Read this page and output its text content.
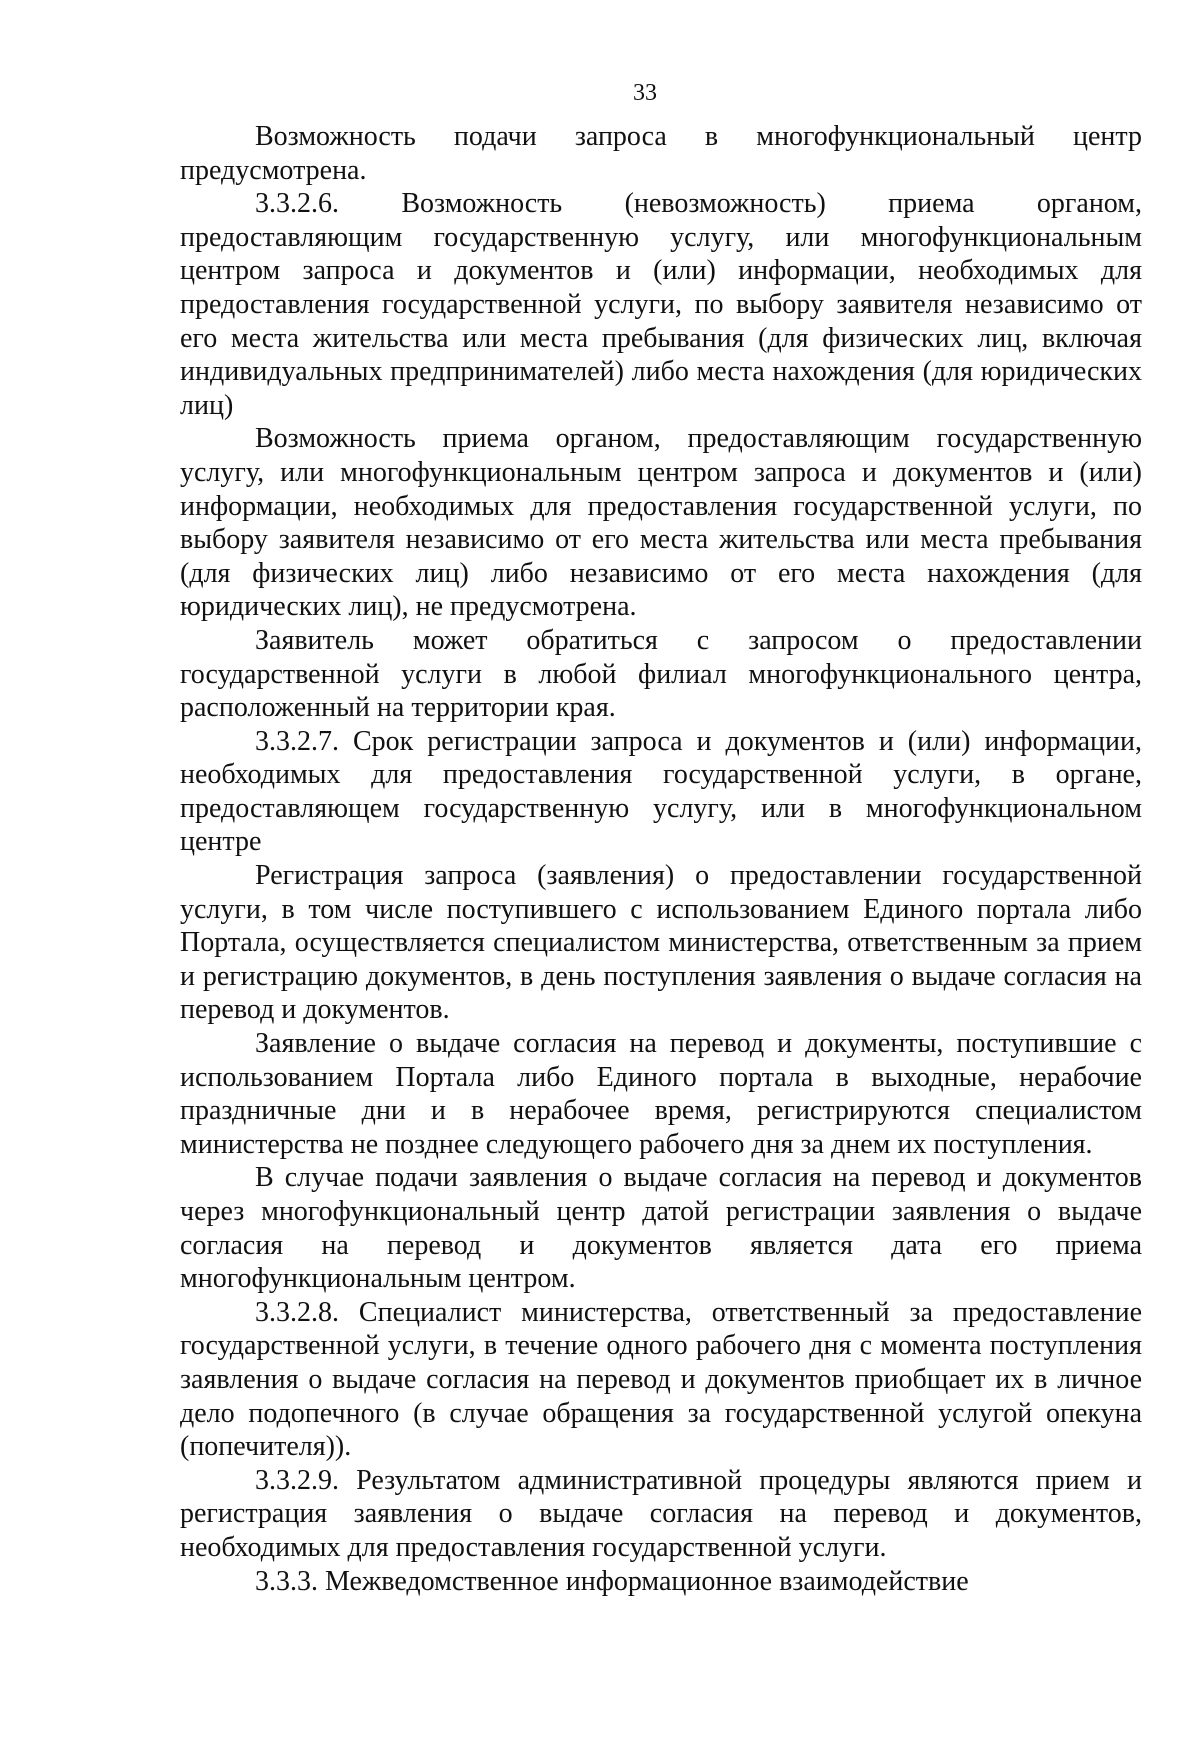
33

Возможность подачи запроса в многофункциональный центр предусмотрена.

3.3.2.6. Возможность (невозможность) приема органом, предоставляющим государственную услугу, или многофункциональным центром запроса и документов и (или) информации, необходимых для предоставления государственной услуги, по выбору заявителя независимо от его места жительства или места пребывания (для физических лиц, включая индивидуальных предпринимателей) либо места нахождения (для юридических лиц)

Возможность приема органом, предоставляющим государственную услугу, или многофункциональным центром запроса и документов и (или) информации, необходимых для предоставления государственной услуги, по выбору заявителя независимо от его места жительства или места пребывания (для физических лиц) либо независимо от его места нахождения (для юридических лиц), не предусмотрена.

Заявитель может обратиться с запросом о предоставлении государственной услуги в любой филиал многофункционального центра, расположенный на территории края.

3.3.2.7. Срок регистрации запроса и документов и (или) информации, необходимых для предоставления государственной услуги, в органе, предоставляющем государственную услугу, или в многофункциональном центре

Регистрация запроса (заявления) о предоставлении государственной услуги, в том числе поступившего с использованием Единого портала либо Портала, осуществляется специалистом министерства, ответственным за прием и регистрацию документов, в день поступления заявления о выдаче согласия на перевод и документов.

Заявление о выдаче согласия на перевод и документы, поступившие с использованием Портала либо Единого портала в выходные, нерабочие праздничные дни и в нерабочее время, регистрируются специалистом министерства не позднее следующего рабочего дня за днем их поступления.

В случае подачи заявления о выдаче согласия на перевод и документов через многофункциональный центр датой регистрации заявления о выдаче согласия на перевод и документов является дата его приема многофункциональным центром.

3.3.2.8. Специалист министерства, ответственный за предоставление государственной услуги, в течение одного рабочего дня с момента поступления заявления о выдаче согласия на перевод и документов приобщает их в личное дело подопечного (в случае обращения за государственной услугой опекуна (попечителя)).

3.3.2.9. Результатом административной процедуры являются прием и регистрация заявления о выдаче согласия на перевод и документов, необходимых для предоставления государственной услуги.

3.3.3. Межведомственное информационное взаимодействие
